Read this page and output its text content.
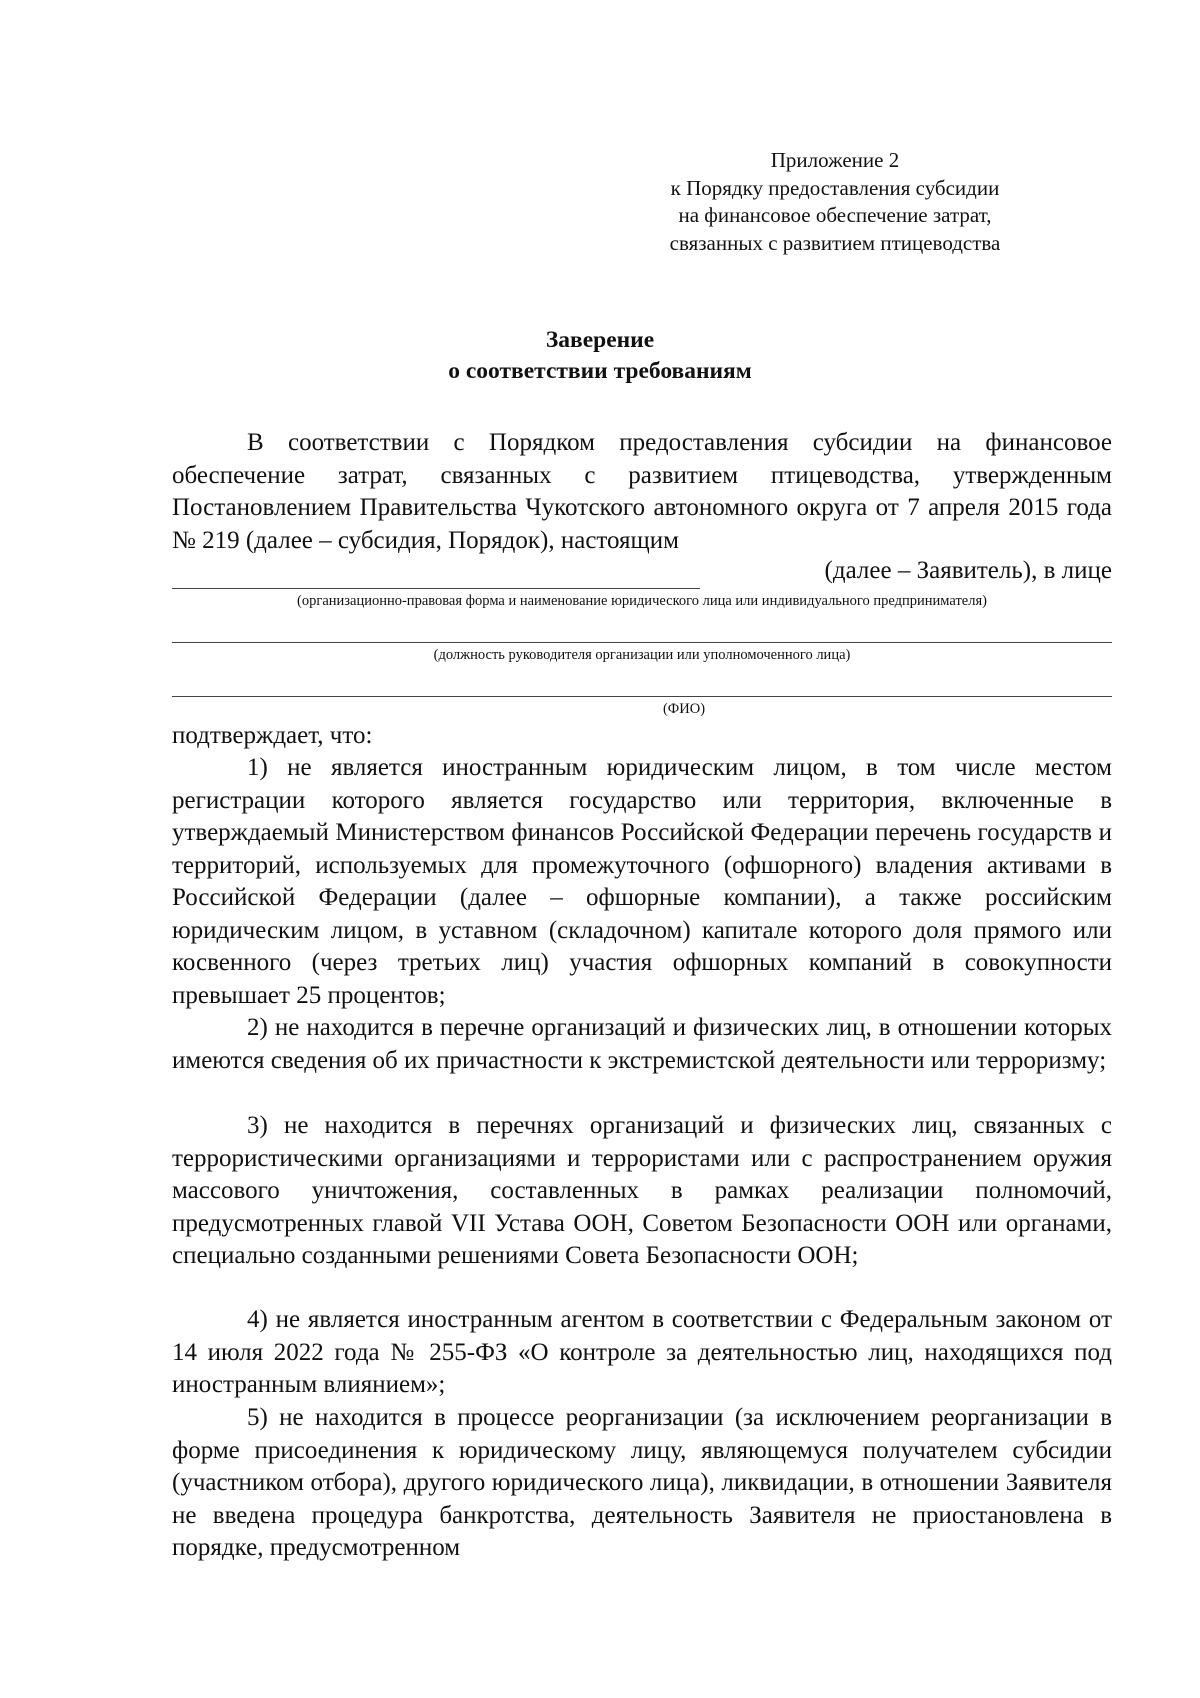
Приложение 2
к Порядку предоставления субсидии
на финансовое обеспечение затрат,
связанных с развитием птицеводства
Заверение
о соответствии требованиям
В соответствии с Порядком предоставления субсидии на финансовое обеспечение затрат, связанных с развитием птицеводства, утвержденным Постановлением Правительства Чукотского автономного округа от 7 апреля 2015 года № 219 (далее – субсидия, Порядок), настоящим
(далее – Заявитель), в лице
(организационно-правовая форма и наименование юридического лица или индивидуального предпринимателя)
(должность руководителя организации или уполномоченного лица)
(ФИО)
подтверждает, что:
1) не является иностранным юридическим лицом, в том числе местом регистрации которого является государство или территория, включенные в утверждаемый Министерством финансов Российской Федерации перечень государств и территорий, используемых для промежуточного (офшорного) владения активами в Российской Федерации (далее – офшорные компании), а также российским юридическим лицом, в уставном (складочном) капитале которого доля прямого или косвенного (через третьих лиц) участия офшорных компаний в совокупности превышает 25 процентов;
2) не находится в перечне организаций и физических лиц, в отношении которых имеются сведения об их причастности к экстремистской деятельности или терроризму;
3) не находится в перечнях организаций и физических лиц, связанных с террористическими организациями и террористами или с распространением оружия массового уничтожения, составленных в рамках реализации полномочий, предусмотренных главой VII Устава ООН, Советом Безопасности ООН или органами, специально созданными решениями Совета Безопасности ООН;
4) не является иностранным агентом в соответствии с Федеральным законом от 14 июля 2022 года № 255-ФЗ «О контроле за деятельностью лиц, находящихся под иностранным влиянием»;
5) не находится в процессе реорганизации (за исключением реорганизации в форме присоединения к юридическому лицу, являющемуся получателем субсидии (участником отбора), другого юридического лица), ликвидации, в отношении Заявителя не введена процедура банкротства, деятельность Заявителя не приостановлена в порядке, предусмотренном
